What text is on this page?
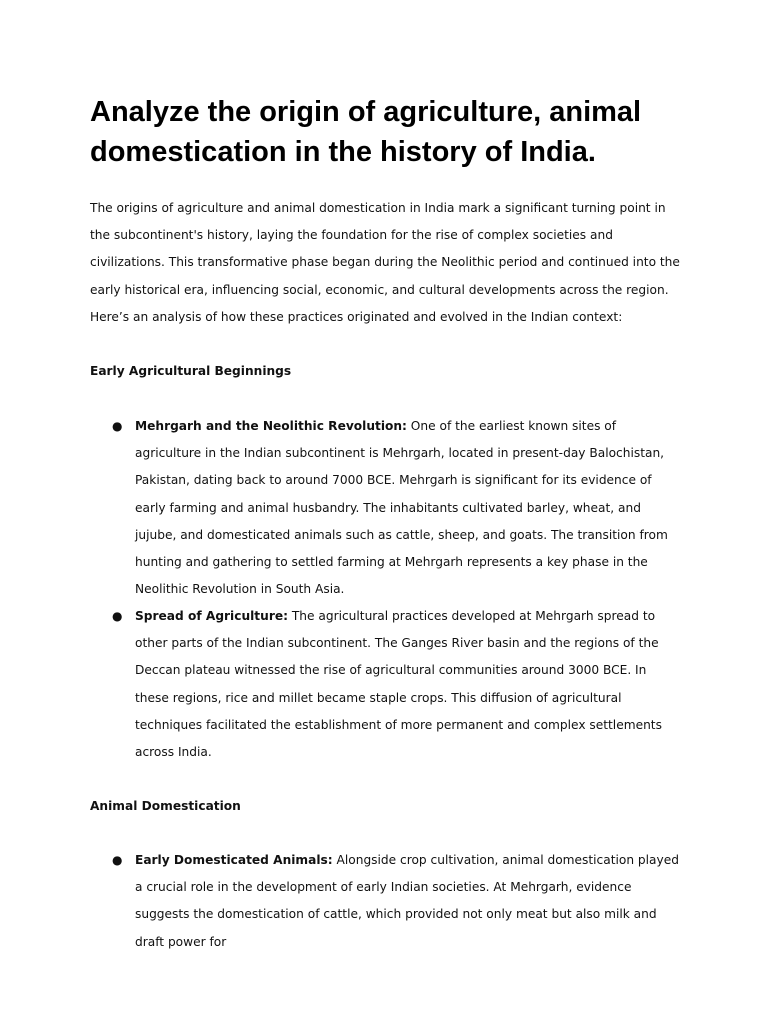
Analyze the origin of agriculture, animal domestication in the history of India.

The origins of agriculture and animal domestication in India mark a significant turning point in the subcontinent's history, laying the foundation for the rise of complex societies and civilizations. This transformative phase began during the Neolithic period and continued into the early historical era, influencing social, economic, and cultural developments across the region. Here’s an analysis of how these practices originated and evolved in the Indian context:

Early Agricultural Beginnings
● Mehrgarh and the Neolithic Revolution: One of the earliest known sites of agriculture in the Indian subcontinent is Mehrgarh, located in present-day Balochistan, Pakistan, dating back to around 7000 BCE. Mehrgarh is significant for its evidence of early farming and animal husbandry. The inhabitants cultivated barley, wheat, and jujube, and domesticated animals such as cattle, sheep, and goats. The transition from hunting and gathering to settled farming at Mehrgarh represents a key phase in the Neolithic Revolution in South Asia.

● Spread of Agriculture: The agricultural practices developed at Mehrgarh spread to other parts of the Indian subcontinent. The Ganges River basin and the regions of the Deccan plateau witnessed the rise of agricultural communities around 3000 BCE. In these regions, rice and millet became staple crops. This diffusion of agricultural techniques facilitated the establishment of more permanent and complex settlements across India.

Animal Domestication
● Early Domesticated Animals: Alongside crop cultivation, animal domestication played a crucial role in the development of early Indian societies. At Mehrgarh, evidence suggests the domestication of cattle, which provided not only meat but also milk and draft power for
